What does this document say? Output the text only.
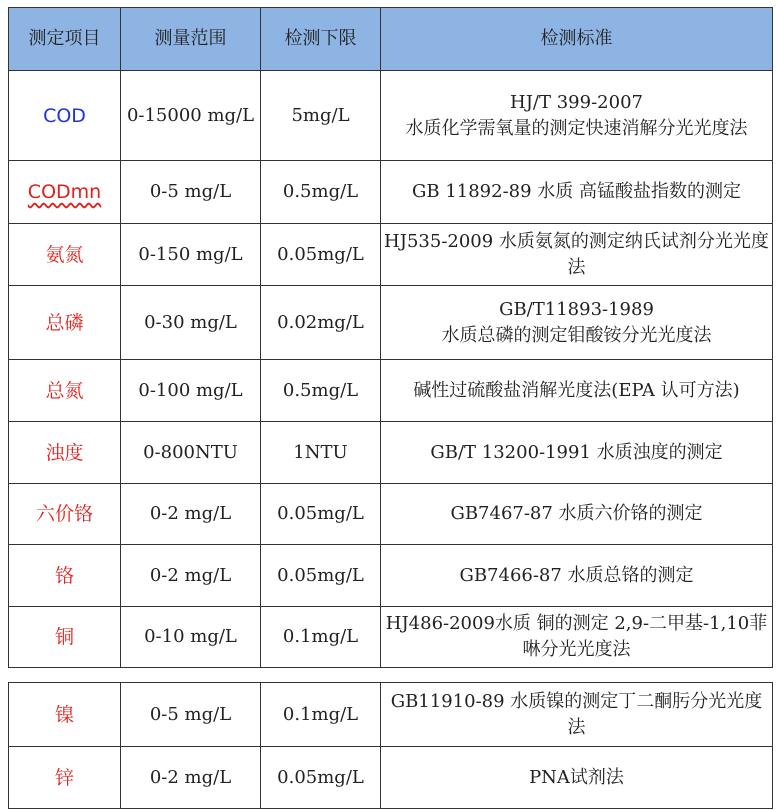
测定项目	测量范围	检测下限	检测标准
COD	0-15000 mg/L	5mg/L	HJ/T 399-2007
水质化学需氧量的测定快速消解分光光度法
CODmn	0-5 mg/L	0.5mg/L	GB 11892-89 水质 高锰酸盐指数的测定
氨氮	0-150 mg/L	0.05mg/L	HJ535-2009 水质氨氮的测定纳氏试剂分光光度法
总磷	0-30 mg/L	0.02mg/L	GB/T11893-1989
水质总磷的测定钼酸铵分光光度法
总氮	0-100 mg/L	0.5mg/L	碱性过硫酸盐消解光度法(EPA 认可方法)
浊度	0-800NTU	1NTU	GB/T 13200-1991 水质浊度的测定
六价铬	0-2 mg/L	0.05mg/L	GB7467-87 水质六价铬的测定
铬	0-2 mg/L	0.05mg/L	GB7466-87 水质总铬的测定
铜	0-10 mg/L	0.1mg/L	HJ486-2009水质 铜的测定 2,9-二甲基-1,10菲啉分光光度法
镍	0-5 mg/L	0.1mg/L	GB11910-89 水质镍的测定丁二酮肟分光光度法
锌	0-2 mg/L	0.05mg/L	PNA试剂法
